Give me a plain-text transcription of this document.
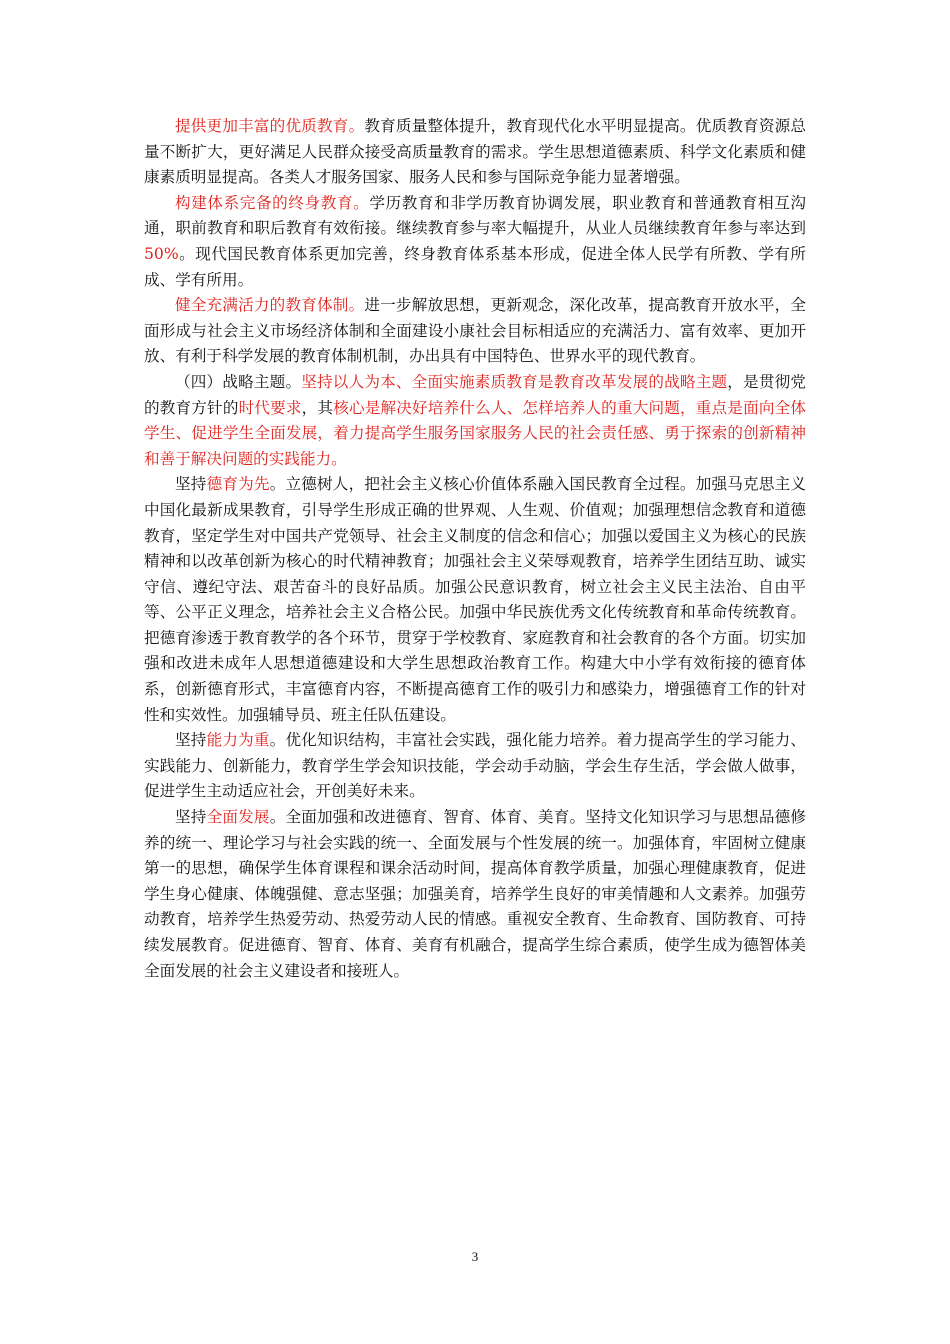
提供更加丰富的优质教育。教育质量整体提升，教育现代化水平明显提高。优质教育资源总量不断扩大，更好满足人民群众接受高质量教育的需求。学生思想道德素质、科学文化素质和健康素质明显提高。各类人才服务国家、服务人民和参与国际竞争能力显著增强。

构建体系完备的终身教育。学历教育和非学历教育协调发展，职业教育和普通教育相互沟通，职前教育和职后教育有效衔接。继续教育参与率大幅提升，从业人员继续教育年参与率达到50%。现代国民教育体系更加完善，终身教育体系基本形成，促进全体人民学有所教、学有所成、学有所用。

健全充满活力的教育体制。进一步解放思想，更新观念，深化改革，提高教育开放水平，全面形成与社会主义市场经济体制和全面建设小康社会目标相适应的充满活力、富有效率、更加开放、有利于科学发展的教育体制机制，办出具有中国特色、世界水平的现代教育。

（四）战略主题。坚持以人为本、全面实施素质教育是教育改革发展的战略主题，是贯彻党的教育方针的时代要求，其核心是解决好培养什么人、怎样培养人的重大问题，重点是面向全体学生、促进学生全面发展，着力提高学生服务国家服务人民的社会责任感、勇于探索的创新精神和善于解决问题的实践能力。

坚持德育为先。立德树人，把社会主义核心价值体系融入国民教育全过程。加强马克思主义中国化最新成果教育，引导学生形成正确的世界观、人生观、价值观；加强理想信念教育和道德教育，坚定学生对中国共产党领导、社会主义制度的信念和信心；加强以爱国主义为核心的民族精神和以改革创新为核心的时代精神教育；加强社会主义荣辱观教育，培养学生团结互助、诚实守信、遵纪守法、艰苦奋斗的良好品质。加强公民意识教育，树立社会主义民主法治、自由平等、公平正义理念，培养社会主义合格公民。加强中华民族优秀文化传统教育和革命传统教育。把德育渗透于教育教学的各个环节，贯穿于学校教育、家庭教育和社会教育的各个方面。切实加强和改进未成年人思想道德建设和大学生思想政治教育工作。构建大中小学有效衔接的德育体系，创新德育形式，丰富德育内容，不断提高德育工作的吸引力和感染力，增强德育工作的针对性和实效性。加强辅导员、班主任队伍建设。

坚持能力为重。优化知识结构，丰富社会实践，强化能力培养。着力提高学生的学习能力、实践能力、创新能力，教育学生学会知识技能，学会动手动脑，学会生存生活，学会做人做事，促进学生主动适应社会，开创美好未来。

坚持全面发展。全面加强和改进德育、智育、体育、美育。坚持文化知识学习与思想品德修养的统一、理论学习与社会实践的统一、全面发展与个性发展的统一。加强体育，牢固树立健康第一的思想，确保学生体育课程和课余活动时间，提高体育教学质量，加强心理健康教育，促进学生身心健康、体魄强健、意志坚强；加强美育，培养学生良好的审美情趣和人文素养。加强劳动教育，培养学生热爱劳动、热爱劳动人民的情感。重视安全教育、生命教育、国防教育、可持续发展教育。促进德育、智育、体育、美育有机融合，提高学生综合素质，使学生成为德智体美全面发展的社会主义建设者和接班人。

3
